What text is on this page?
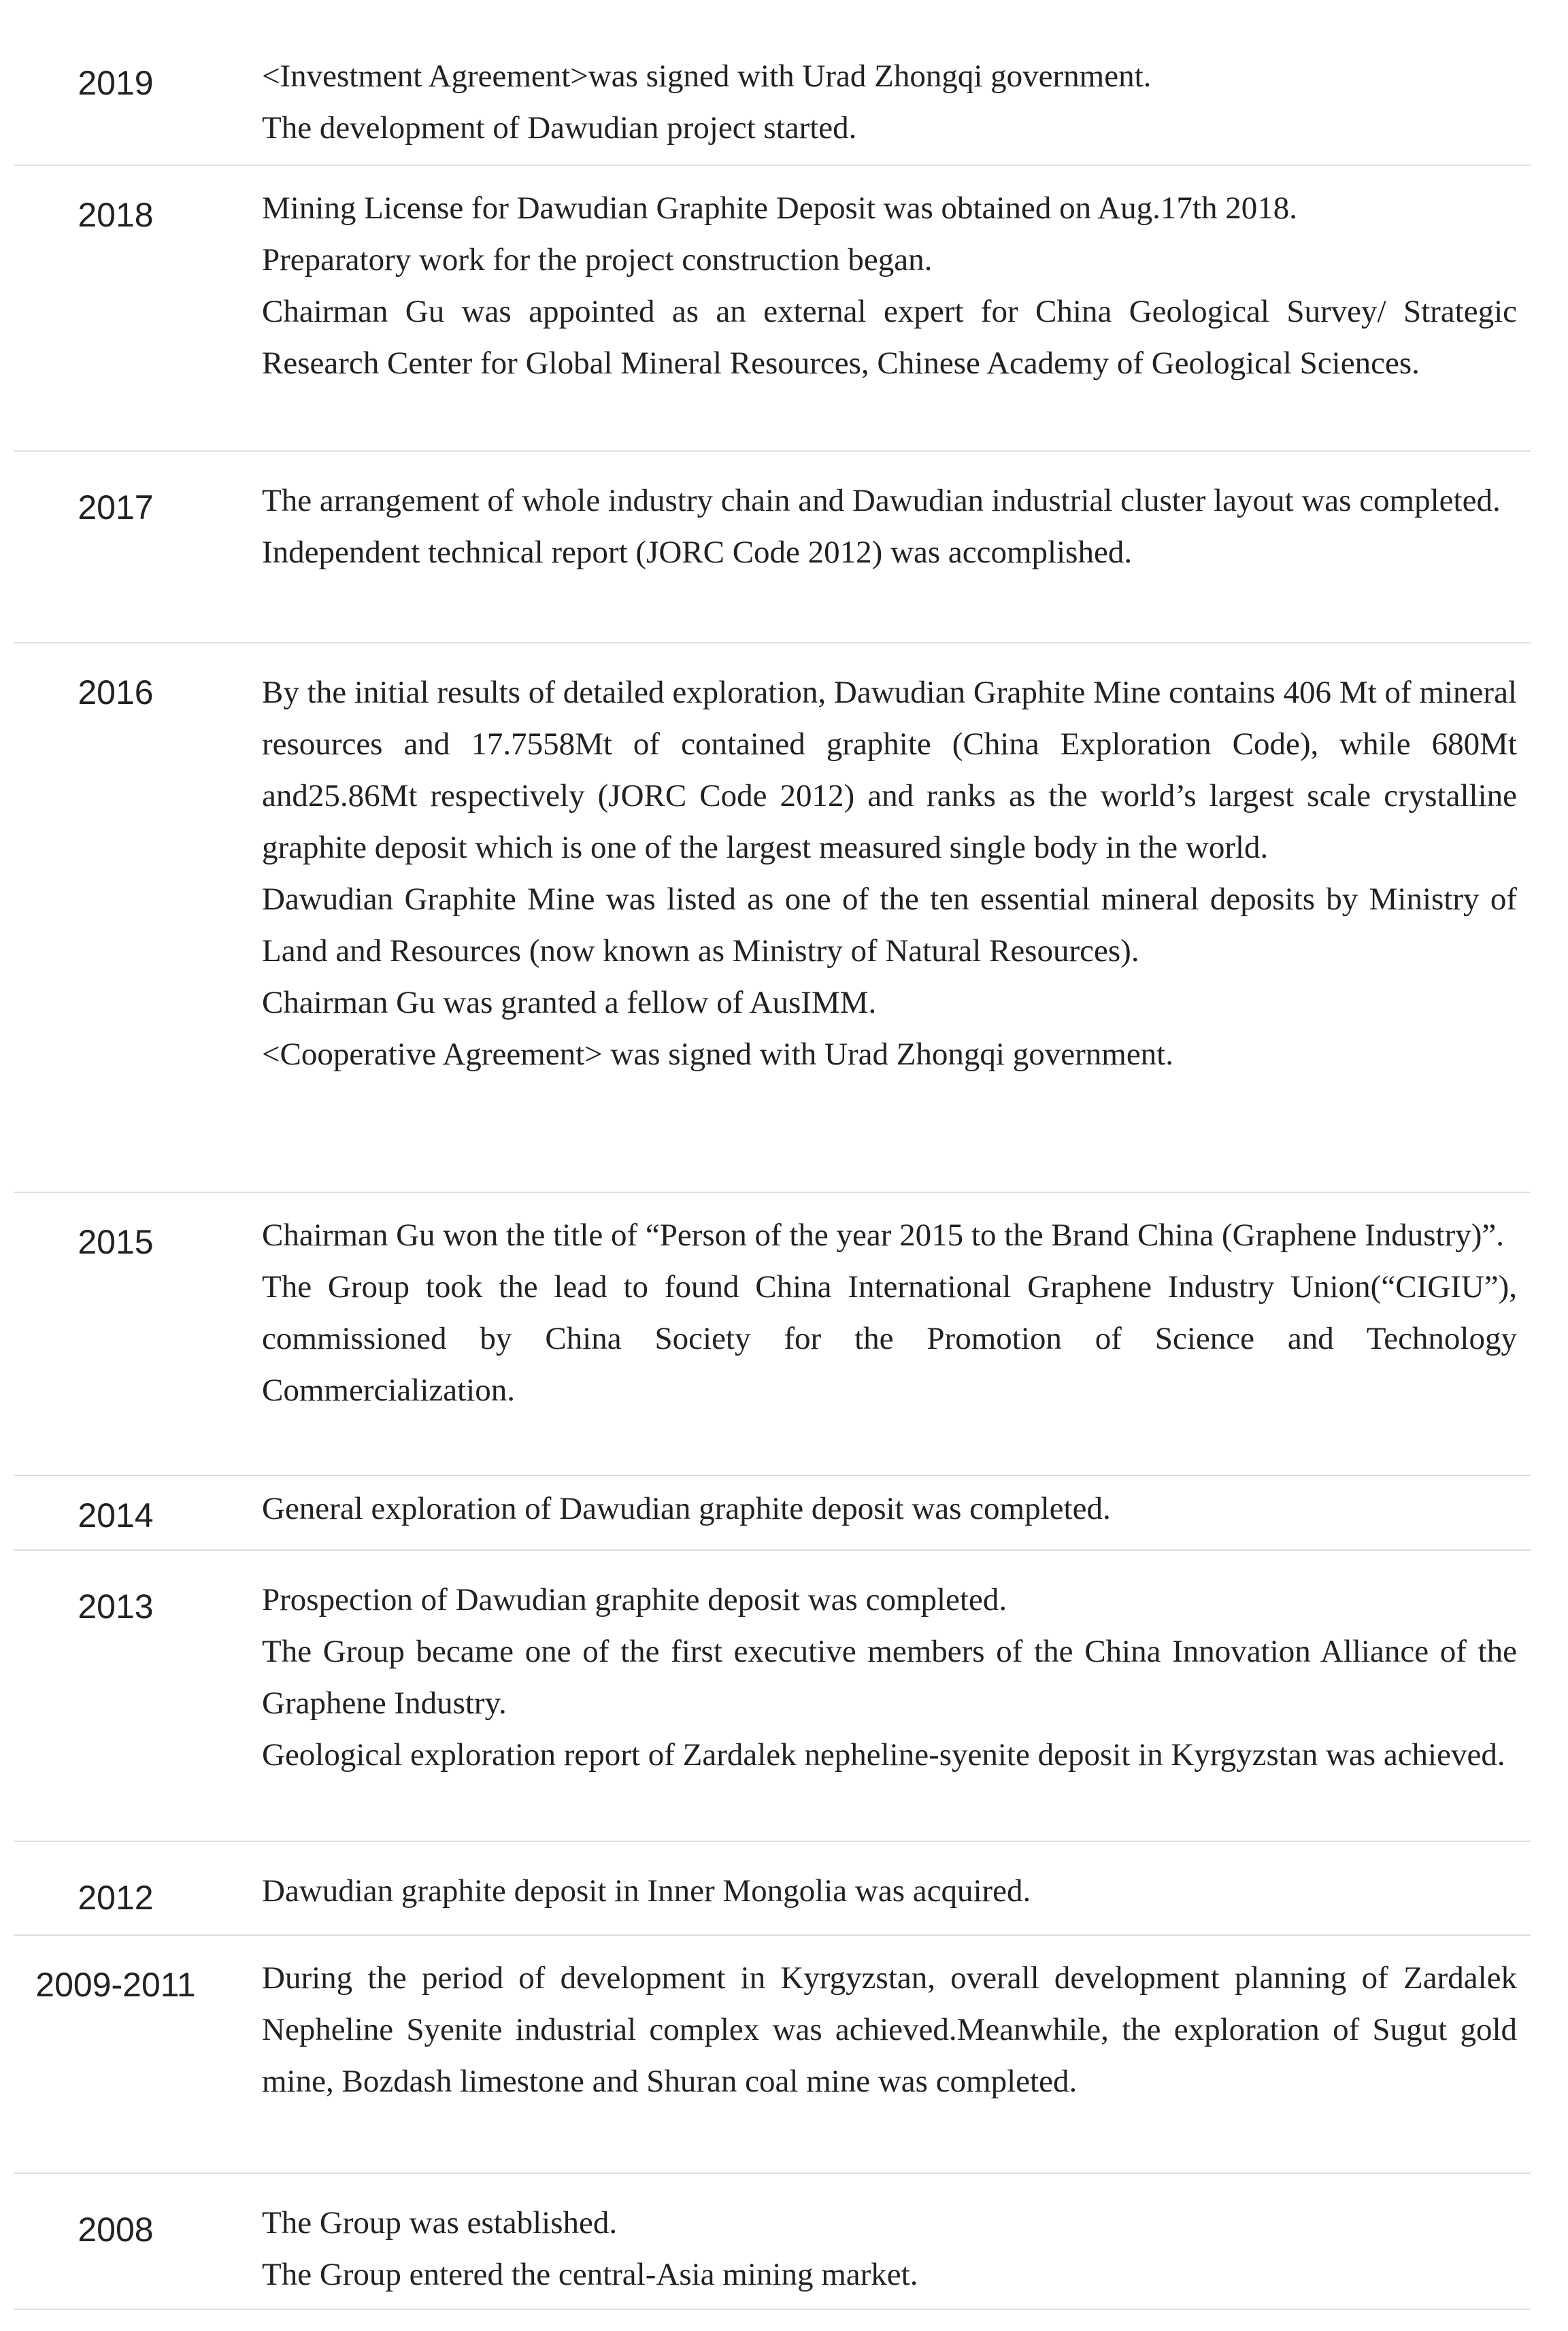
2019	<Investment Agreement>was signed with Urad Zhongqi government.
The development of Dawudian project started.
2018	Mining License for Dawudian Graphite Deposit was obtained on Aug.17th 2018.
Preparatory work for the project construction began.
Chairman Gu was appointed as an external expert for China Geological Survey/ Strategic Research Center for Global Mineral Resources, Chinese Academy of Geological Sciences.
2017	The arrangement of whole industry chain and Dawudian industrial cluster layout was completed.
Independent technical report (JORC Code 2012) was accomplished.
2016	By the initial results of detailed exploration, Dawudian Graphite Mine contains 406 Mt of mineral resources and 17.7558Mt of contained graphite (China Exploration Code), while 680Mt and25.86Mt respectively (JORC Code 2012) and ranks as the world’s largest scale crystalline graphite deposit which is one of the largest measured single body in the world.
Dawudian Graphite Mine was listed as one of the ten essential mineral deposits by Ministry of Land and Resources (now known as Ministry of Natural Resources).
Chairman Gu was granted a fellow of AusIMM.
<Cooperative Agreement> was signed with Urad Zhongqi government.
2015	Chairman Gu won the title of “Person of the year 2015 to the Brand China (Graphene Industry)”.
The Group took the lead to found China International Graphene Industry Union(“CIGIU”), commissioned by China Society for the Promotion of Science and Technology Commercialization.
2014	General exploration of Dawudian graphite deposit was completed.
2013	Prospection of Dawudian graphite deposit was completed.
The Group became one of the first executive members of the China Innovation Alliance of the Graphene Industry.
Geological exploration report of Zardalek nepheline-syenite deposit in Kyrgyzstan was achieved.
2012	Dawudian graphite deposit in Inner Mongolia was acquired.
2009-2011	During the period of development in Kyrgyzstan, overall development planning of Zardalek Nepheline Syenite industrial complex was achieved.Meanwhile, the exploration of Sugut gold mine, Bozdash limestone and Shuran coal mine was completed.
2008	The Group was established.
The Group entered the central-Asia mining market.
